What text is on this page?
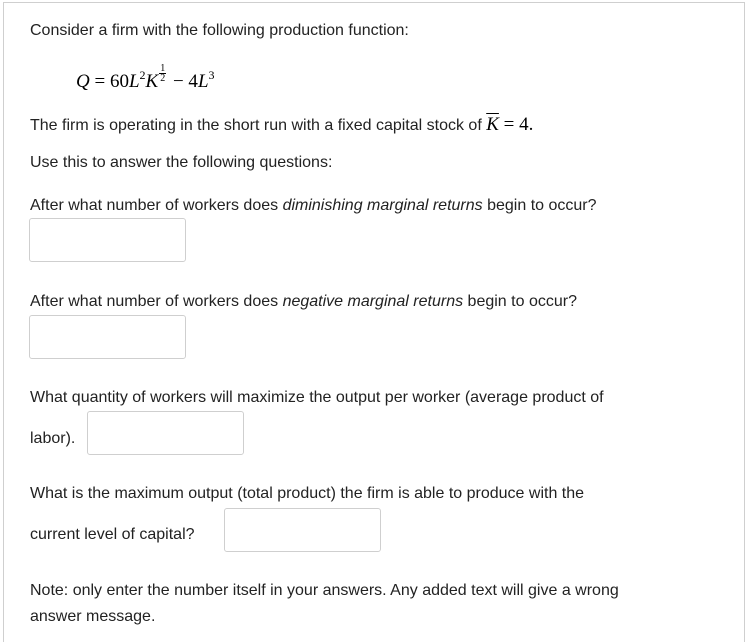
Consider a firm with the following production function:
$Q = 60L^2K \frac{1}{2} - 4L^3$
The firm is operating in the short run with a fixed capital stock of $\overline{K} = 4$.
Use this to answer the following questions:
After what number of workers does diminishing marginal returns begin to occur?
After what number of workers does negative marginal returns begin to occur?
What quantity of workers will maximize the output per worker (average product of
labor).
What is the maximum output (total product) the firm is able to produce with the
current level of capital?
Note: only enter the number itself in your answers. Any added text will give a wrong
answer message.
